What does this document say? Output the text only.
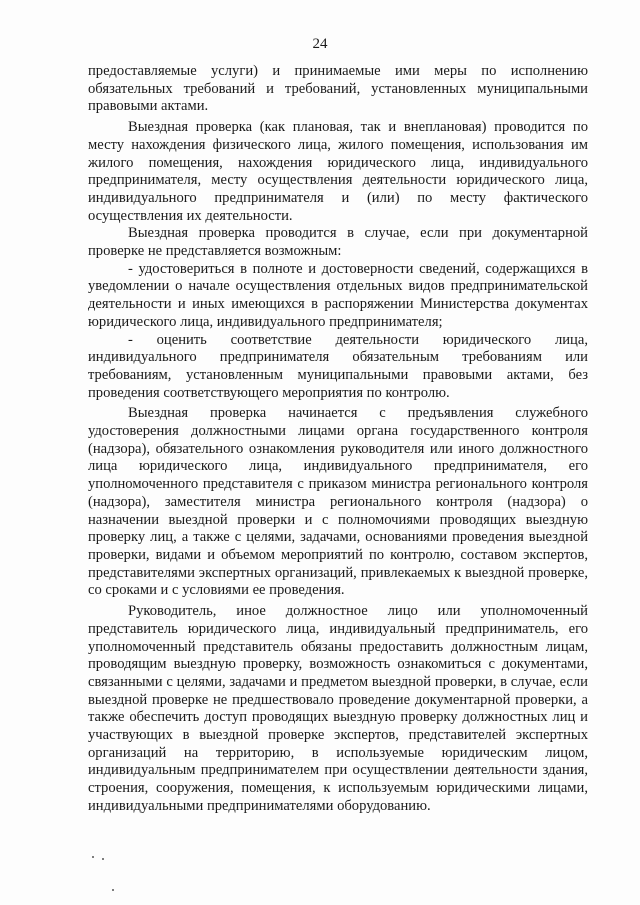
24

предоставляемые услуги) и принимаемые ими меры по исполнению обязательных требований и требований, установленных муниципальными правовыми актами.

Выездная проверка (как плановая, так и внеплановая) проводится по месту нахождения физического лица, жилого помещения, использования им жилого помещения, нахождения юридического лица, индивидуального предпринимателя, месту осуществления деятельности юридического лица, индивидуального предпринимателя и (или) по месту фактического осуществления их деятельности.

Выездная проверка проводится в случае, если при документарной проверке не представляется возможным:

- удостовериться в полноте и достоверности сведений, содержащихся в уведомлении о начале осуществления отдельных видов предпринимательской деятельности и иных имеющихся в распоряжении Министерства документах юридического лица, индивидуального предпринимателя;

- оценить соответствие деятельности юридического лица, индивидуального предпринимателя обязательным требованиям или требованиям, установленным муниципальными правовыми актами, без проведения соответствующего мероприятия по контролю.

Выездная проверка начинается с предъявления служебного удостоверения должностными лицами органа государственного контроля (надзора), обязательного ознакомления руководителя или иного должностного лица юридического лица, индивидуального предпринимателя, его уполномоченного представителя с приказом министра регионального контроля (надзора), заместителя министра регионального контроля (надзора) о назначении выездной проверки и с полномочиями проводящих выездную проверку лиц, а также с целями, задачами, основаниями проведения выездной проверки, видами и объемом мероприятий по контролю, составом экспертов, представителями экспертных организаций, привлекаемых к выездной проверке, со сроками и с условиями ее проведения.

Руководитель, иное должностное лицо или уполномоченный представитель юридического лица, индивидуальный предприниматель, его уполномоченный представитель обязаны предоставить должностным лицам, проводящим выездную проверку, возможность ознакомиться с документами, связанными с целями, задачами и предметом выездной проверки, в случае, если выездной проверке не предшествовало проведение документарной проверки, а также обеспечить доступ проводящих выездную проверку должностных лиц и участвующих в выездной проверке экспертов, представителей экспертных организаций на территорию, в используемые юридическим лицом, индивидуальным предпринимателем при осуществлении деятельности здания, строения, сооружения, помещения, к используемым юридическими лицами, индивидуальными предпринимателями оборудованию.
